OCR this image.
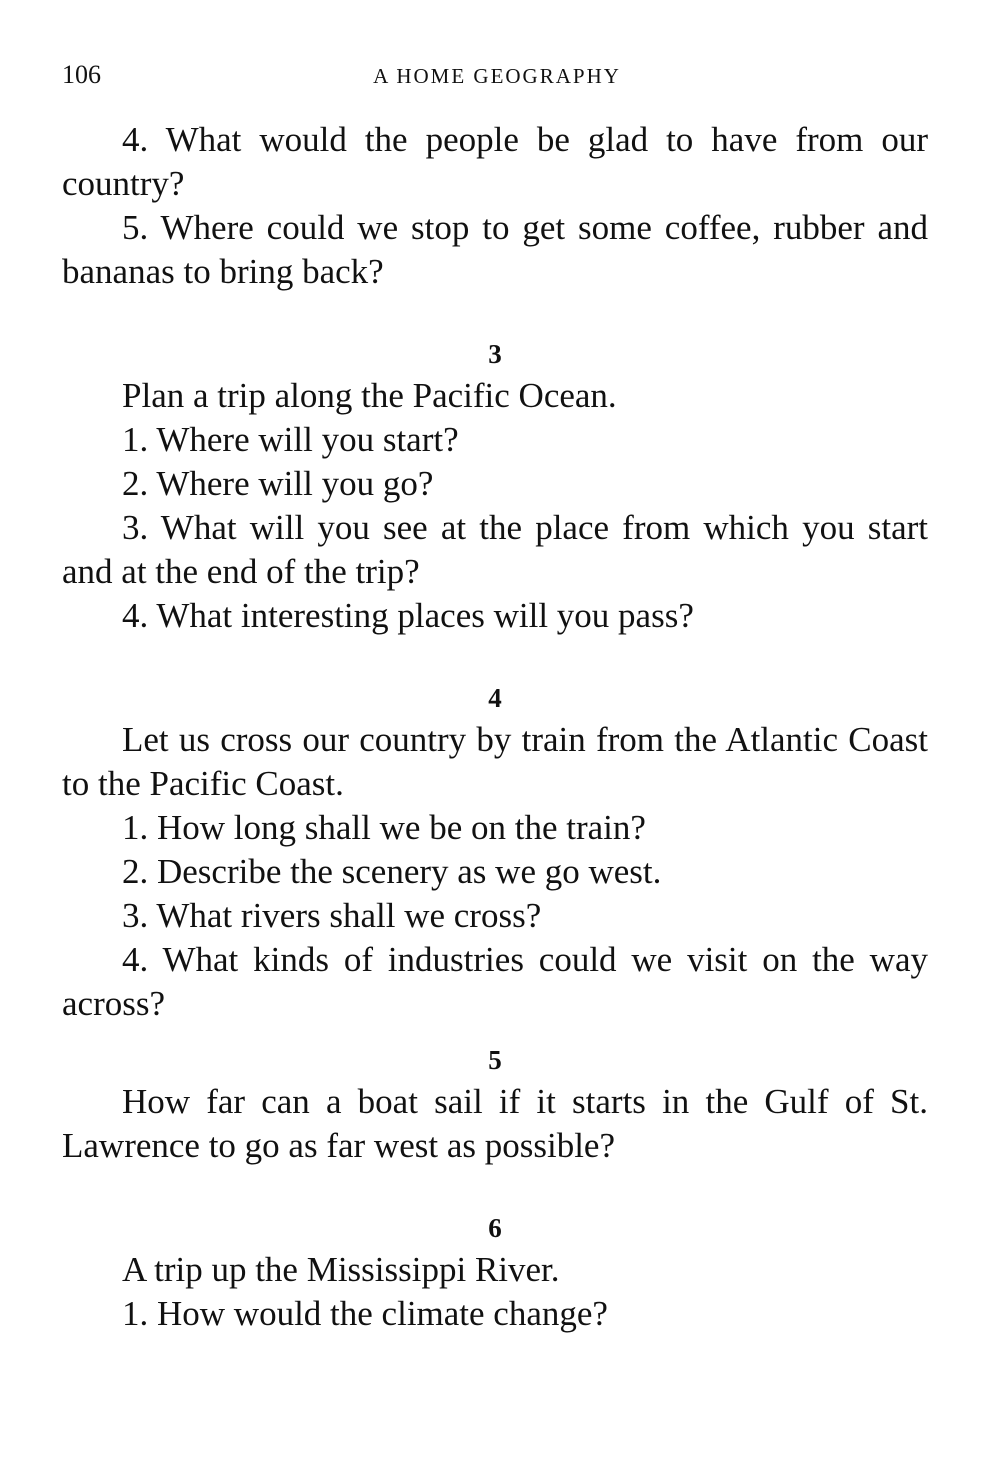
106	A HOME GEOGRAPHY

4. What would the people be glad to have from our country?

5. Where could we stop to get some coffee, rubber and bananas to bring back?

3

Plan a trip along the Pacific Ocean.

1. Where will you start?

2. Where will you go?

3. What will you see at the place from which you start and at the end of the trip?

4. What interesting places will you pass?

4

Let us cross our country by train from the Atlantic Coast to the Pacific Coast.

1. How long shall we be on the train?

2. Describe the scenery as we go west.

3. What rivers shall we cross?

4. What kinds of industries could we visit on the way across?

5

How far can a boat sail if it starts in the Gulf of St. Lawrence to go as far west as possible?

6

A trip up the Mississippi River.

1. How would the climate change?
